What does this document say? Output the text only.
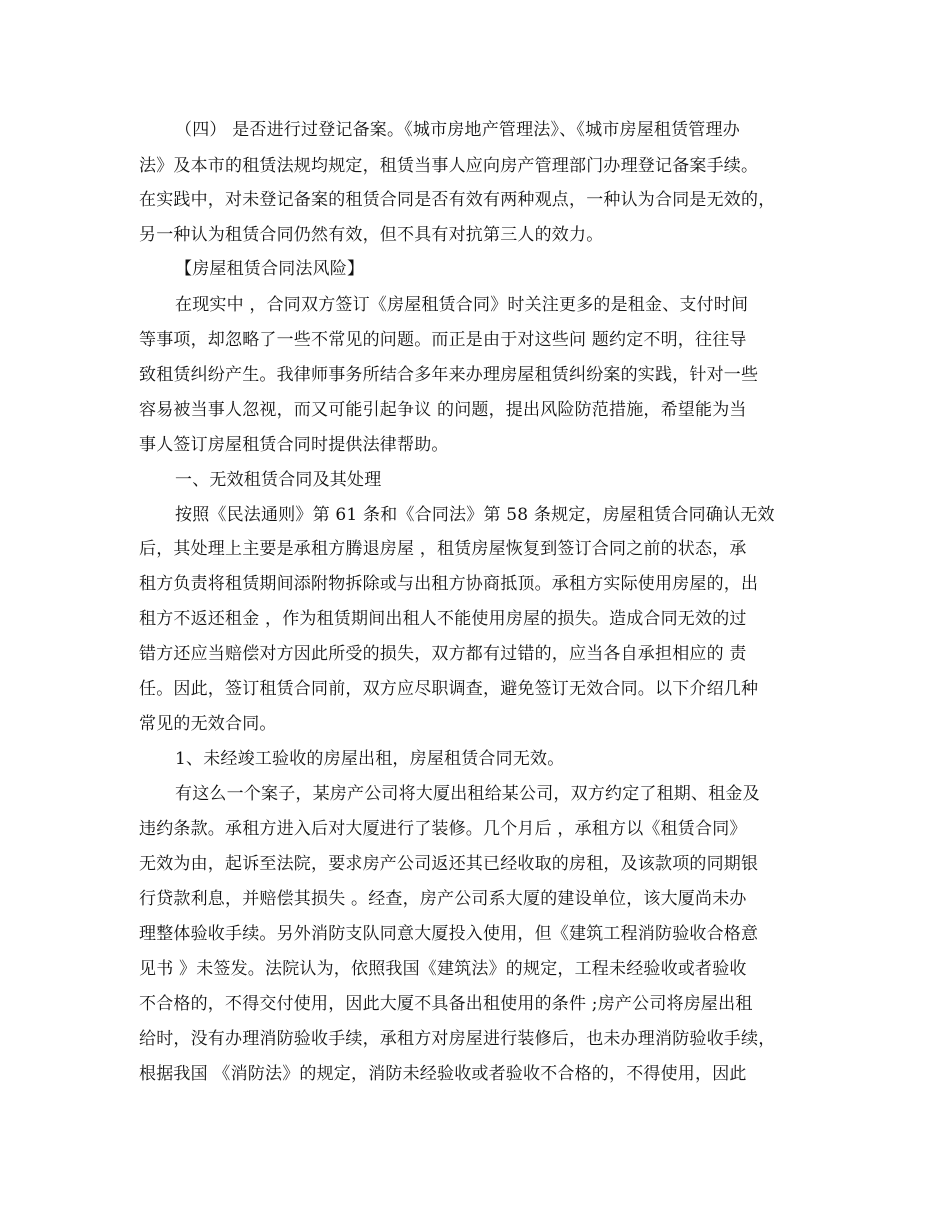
（四） 是否进行过登记备案。《城市房地产管理法》、《城市房屋租赁管理办
法》及本市的租赁法规均规定，租赁当事人应向房产管理部门办理登记备案手续。
在实践中，对未登记备案的租赁合同是否有效有两种观点，一种认为合同是无效的，
另一种认为租赁合同仍然有效，但不具有对抗第三人的效力。
【房屋租赁合同法风险】
在现实中 ，合同双方签订《房屋租赁合同》时关注更多的是租金、支付时间
等事项，却忽略了一些不常见的问题。而正是由于对这些问 题约定不明，往往导
致租赁纠纷产生。我律师事务所结合多年来办理房屋租赁纠纷案的实践，针对一些
容易被当事人忽视，而又可能引起争议 的问题，提出风险防范措施，希望能为当
事人签订房屋租赁合同时提供法律帮助。
一、无效租赁合同及其处理
按照《民法通则》第 61 条和《合同法》第 58 条规定，房屋租赁合同确认无效
后，其处理上主要是承租方腾退房屋 ，租赁房屋恢复到签订合同之前的状态，承
租方负责将租赁期间添附物拆除或与出租方协商抵顶。承租方实际使用房屋的，出
租方不返还租金 ，作为租赁期间出租人不能使用房屋的损失。造成合同无效的过
错方还应当赔偿对方因此所受的损失，双方都有过错的，应当各自承担相应的 责
任。因此，签订租赁合同前，双方应尽职调查，避免签订无效合同。以下介绍几种
常见的无效合同。
1、未经竣工验收的房屋出租，房屋租赁合同无效。
有这么一个案子，某房产公司将大厦出租给某公司，双方约定了租期、租金及
违约条款。承租方进入后对大厦进行了装修。几个月后 ，承租方以《租赁合同》
无效为由，起诉至法院，要求房产公司返还其已经收取的房租，及该款项的同期银
行贷款利息，并赔偿其损失 。经查，房产公司系大厦的建设单位，该大厦尚未办
理整体验收手续。另外消防支队同意大厦投入使用，但《建筑工程消防验收合格意
见书 》未签发。法院认为，依照我国《建筑法》的规定，工程未经验收或者验收
不合格的，不得交付使用，因此大厦不具备出租使用的条件 ;房产公司将房屋出租
给时，没有办理消防验收手续，承租方对房屋进行装修后，也未办理消防验收手续，
根据我国 《消防法》的规定，消防未经验收或者验收不合格的，不得使用，因此
